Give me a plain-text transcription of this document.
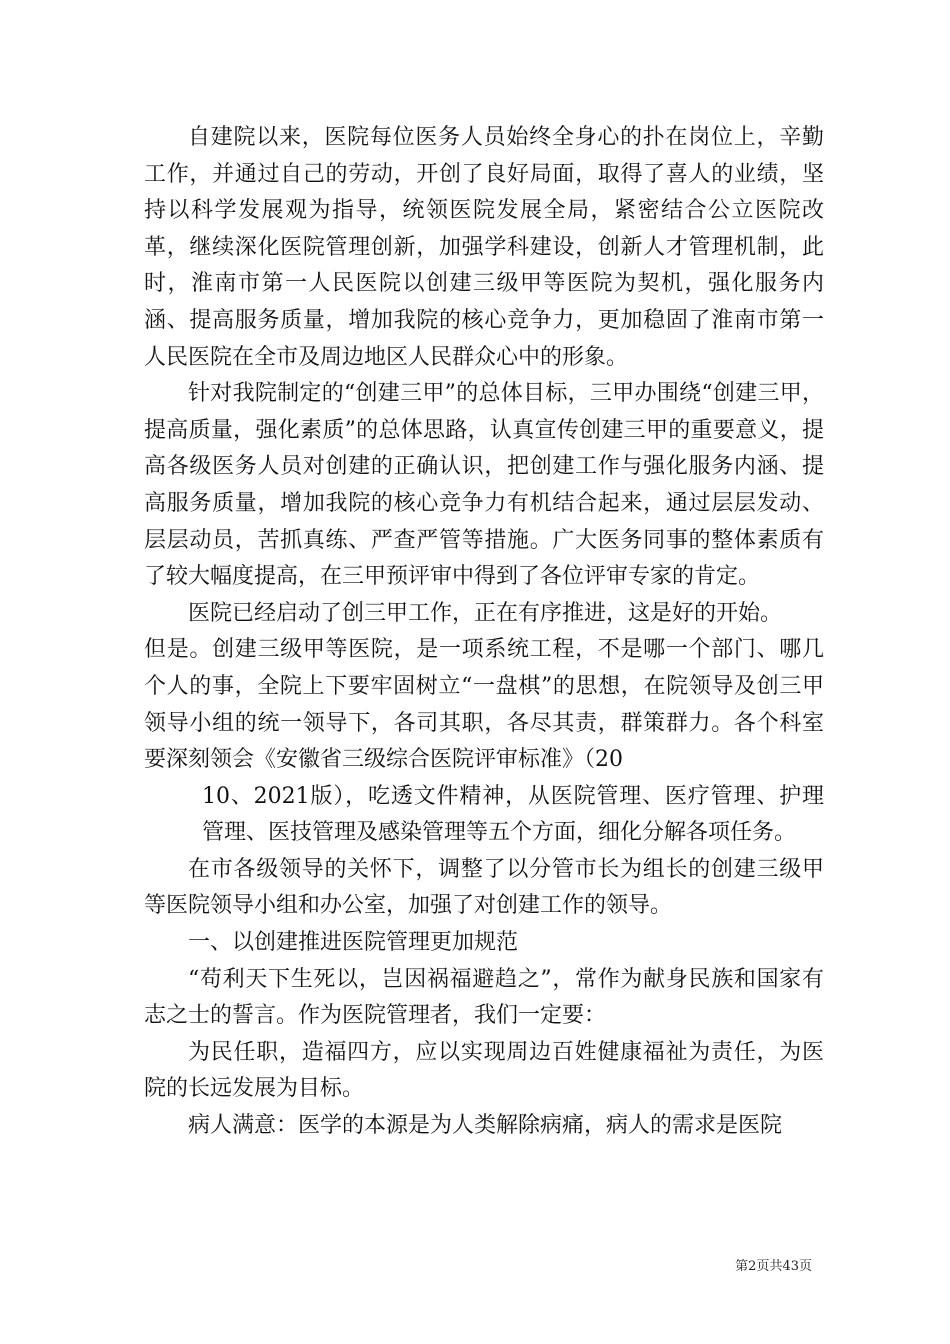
自建院以来，医院每位医务人员始终全身心的扑在岗位上，辛勤工作，并通过自己的劳动，开创了良好局面，取得了喜人的业绩，坚持以科学发展观为指导，统领医院发展全局，紧密结合公立医院改革，继续深化医院管理创新，加强学科建设，创新人才管理机制，此时，淮南市第一人民医院以创建三级甲等医院为契机，强化服务内涵、提高服务质量，增加我院的核心竞争力，更加稳固了淮南市第一人民医院在全市及周边地区人民群众心中的形象。

针对我院制定的“创建三甲”的总体目标，三甲办围绕“创建三甲，提高质量，强化素质”的总体思路，认真宣传创建三甲的重要意义，提高各级医务人员对创建的正确认识，把创建工作与强化服务内涵、提高服务质量，增加我院的核心竞争力有机结合起来，通过层层发动、层层动员，苦抓真练、严查严管等措施。广大医务同事的整体素质有了较大幅度提高，在三甲预评审中得到了各位评审专家的肯定。

医院已经启动了创三甲工作，正在有序推进，这是好的开始。

但是。创建三级甲等医院，是一项系统工程，不是哪一个部门、哪几个人的事，全院上下要牢固树立“一盘棋”的思想，在院领导及创三甲领导小组的统一领导下，各司其职，各尽其责，群策群力。各个科室要深刻领会《安徽省三级综合医院评审标准》（20

10、2021版），吃透文件精神，从医院管理、医疗管理、护理管理、医技管理及感染管理等五个方面，细化分解各项任务。

在市各级领导的关怀下，调整了以分管市长为组长的创建三级甲等医院领导小组和办公室，加强了对创建工作的领导。

一、以创建推进医院管理更加规范

“苟利天下生死以，岂因祸福避趋之”，常作为献身民族和国家有志之士的誓言。作为医院管理者，我们一定要：

为民任职，造福四方，应以实现周边百姓健康福祉为责任，为医院的长远发展为目标。

病人满意：医学的本源是为人类解除病痛，病人的需求是医院

第2页共43页
